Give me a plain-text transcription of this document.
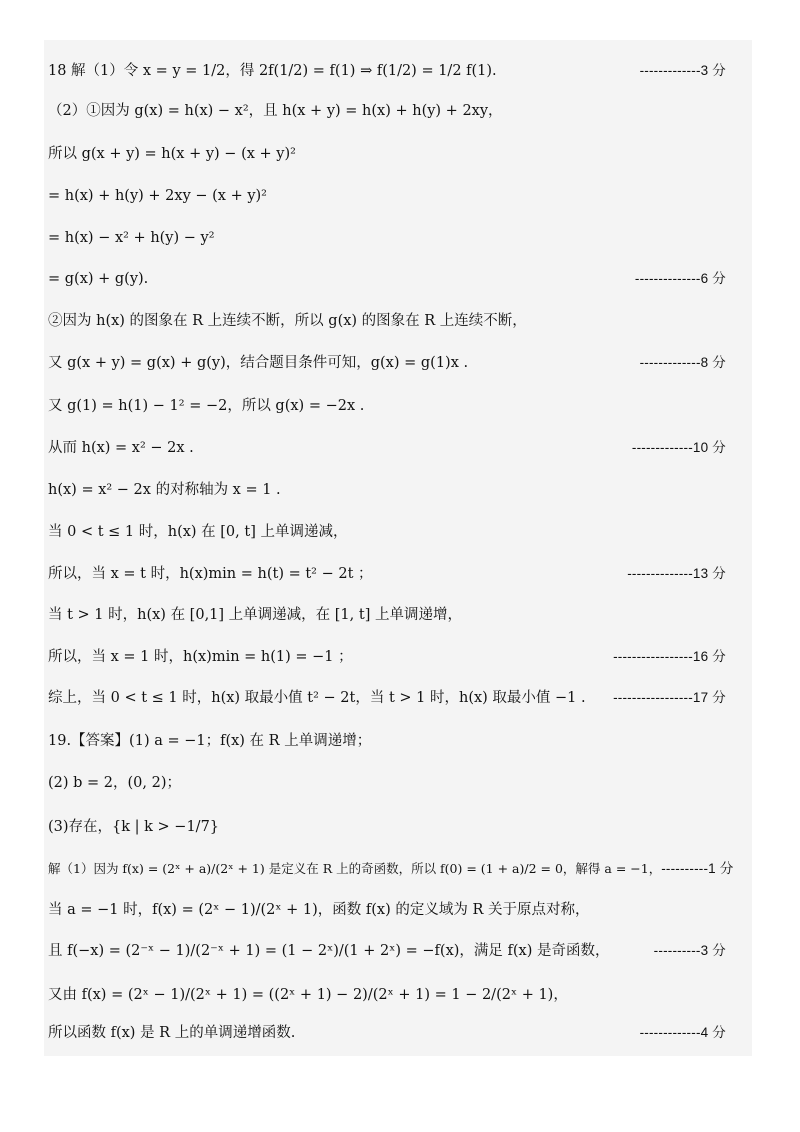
18 解（1）令 x = y = 1/2，得 2f(1/2) = f(1) ⇒ f(1/2) = 1/2 f(1).	-------------3 分
（2）①因为 g(x) = h(x) − x²，且 h(x + y) = h(x) + h(y) + 2xy，
所以 g(x + y) = h(x + y) − (x + y)²
= h(x) + h(y) + 2xy − (x + y)²
= h(x) − x² + h(y) − y²
= g(x) + g(y).	--------------6 分
②因为 h(x) 的图象在 R 上连续不断，所以 g(x) 的图象在 R 上连续不断，
又 g(x + y) = g(x) + g(y)，结合题目条件可知，g(x) = g(1)x .	-------------8 分
又 g(1) = h(1) − 1² = −2，所以 g(x) = −2x .
从而 h(x) = x² − 2x .	-------------10 分
h(x) = x² − 2x 的对称轴为 x = 1 .
当 0 < t ≤ 1 时，h(x) 在 [0, t] 上单调递减，
所以，当 x = t 时，h(x)min = h(t) = t² − 2t ；	--------------13 分
当 t > 1 时，h(x) 在 [0,1] 上单调递减，在 [1, t] 上单调递增，
所以，当 x = 1 时，h(x)min = h(1) = −1 ；	-----------------16 分
综上，当 0 < t ≤ 1 时，h(x) 取最小值 t² − 2t，当 t > 1 时，h(x) 取最小值 −1 . -----------------17 分
19.【答案】(1) a = −1；f(x) 在 R 上单调递增；
(2) b = 2，(0, 2)；
(3)存在，{k | k > −1/7}
解（1）因为 f(x) = (2ˣ + a)/(2ˣ + 1) 是定义在 R 上的奇函数，所以 f(0) = (1 + a)/2 = 0，解得 a = −1， ----------1 分
当 a = −1 时，f(x) = (2ˣ − 1)/(2ˣ + 1)，函数 f(x) 的定义域为 R 关于原点对称，
且 f(−x) = (2⁻ˣ − 1)/(2⁻ˣ + 1) = (1 − 2ˣ)/(1 + 2ˣ) = −f(x)，满足 f(x) 是奇函数，	----------3 分
又由 f(x) = (2ˣ − 1)/(2ˣ + 1) = ((2ˣ + 1) − 2)/(2ˣ + 1) = 1 − 2/(2ˣ + 1)，
所以函数 f(x) 是 R 上的单调递增函数.	-------------4 分
